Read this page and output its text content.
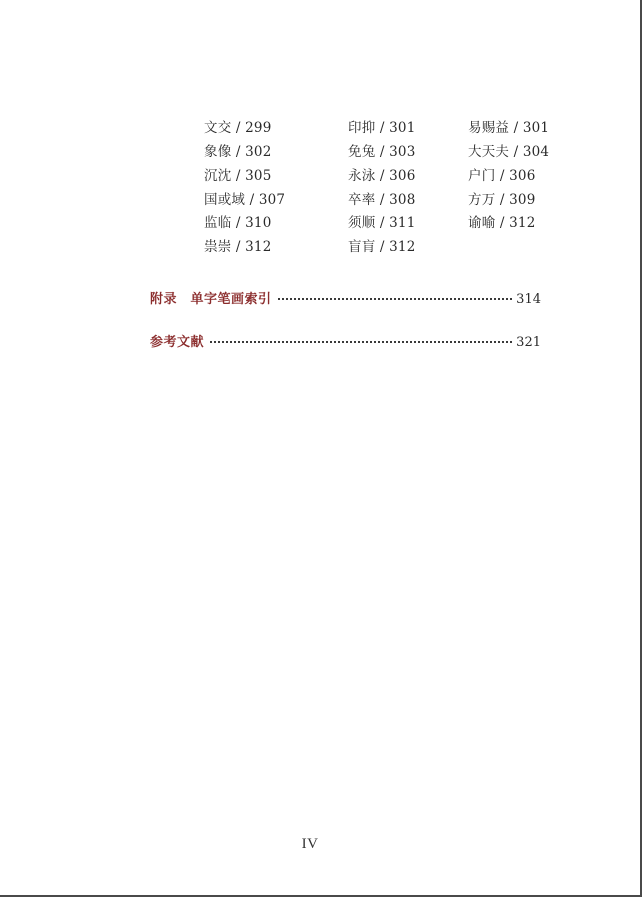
文交 / 299	印抑 / 301	易赐益 / 301
象像 / 302	免兔 / 303	大天夫 / 304
沉沈 / 305	永泳 / 306	户门 / 306
国或域 / 307	卒率 / 308	方万 / 309
监临 / 310	须顺 / 311	谕喻 / 312
祟崇 / 312	盲肓 / 312
附录　单字笔画索引	314
参考文献	321
IV
